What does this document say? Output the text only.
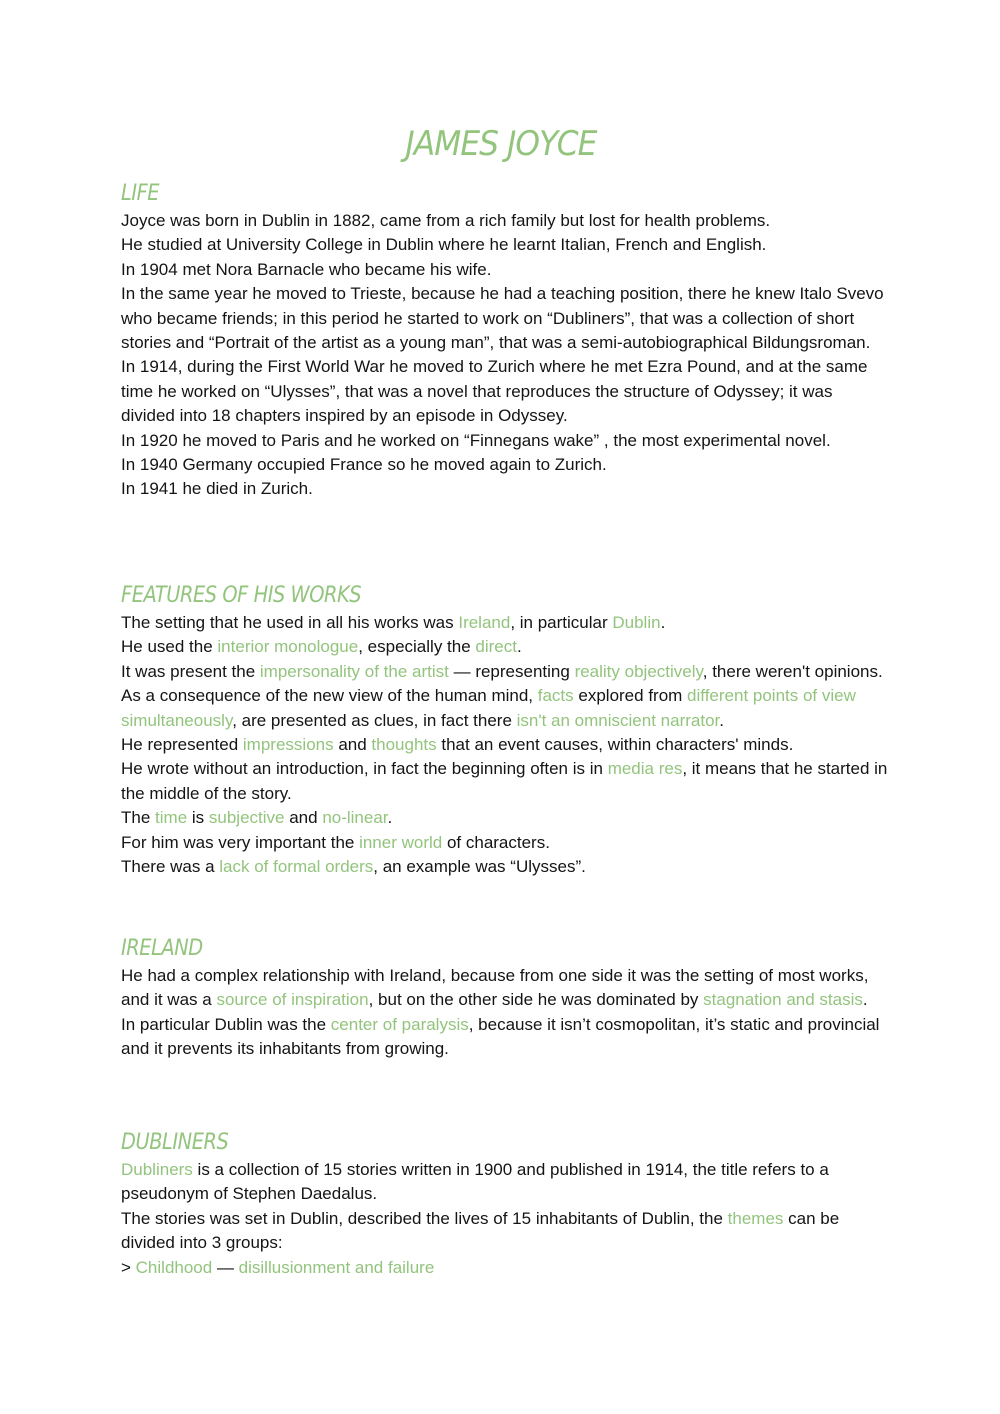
JAMES JOYCE
LIFE

Joyce was born in Dublin in 1882, came from a rich family but lost for health problems.

He studied at University College in Dublin where he learnt Italian, French and English.

In 1904 met Nora Barnacle who became his wife.

In the same year he moved to Trieste, because he had a teaching position, there he knew Italo Svevo who became friends; in this period he started to work on “Dubliners”, that was a collection of short stories and “Portrait of the artist as a young man”, that was a semi-autobiographical Bildungsroman.

In 1914, during the First World War he moved to Zurich where he met Ezra Pound, and at the same time he worked on “Ulysses”, that was a novel that reproduces the structure of Odyssey; it was divided into 18 chapters inspired by an episode in Odyssey.

In 1920 he moved to Paris and he worked on “Finnegans wake” , the most experimental novel.

In 1940 Germany occupied France so he moved again to Zurich.

In 1941 he died in Zurich.

FEATURES OF HIS WORKS

The setting that he used in all his works was Ireland, in particular Dublin.

He used the interior monologue, especially the direct.

It was present the impersonality of the artist — representing reality objectively, there weren't opinions.

As a consequence of the new view of the human mind, facts explored from different points of view simultaneously, are presented as clues, in fact there isn't an omniscient narrator.

He represented impressions and thoughts that an event causes, within characters' minds.

He wrote without an introduction, in fact the beginning often is in media res, it means that he started in the middle of the story.

The time is subjective and no-linear.

For him was very important the inner world of characters.

There was a lack of formal orders, an example was “Ulysses”.

IRELAND

He had a complex relationship with Ireland, because from one side it was the setting of most works, and it was a source of inspiration, but on the other side he was dominated by stagnation and stasis.

In particular Dublin was the center of paralysis, because it isn’t cosmopolitan, it’s static and provincial and it prevents its inhabitants from growing.

DUBLINERS

Dubliners is a collection of 15 stories written in 1900 and published in 1914, the title refers to a pseudonym of Stephen Daedalus.

The stories was set in Dublin, described the lives of 15 inhabitants of Dublin, the themes can be divided into 3 groups:

> Childhood — disillusionment and failure
